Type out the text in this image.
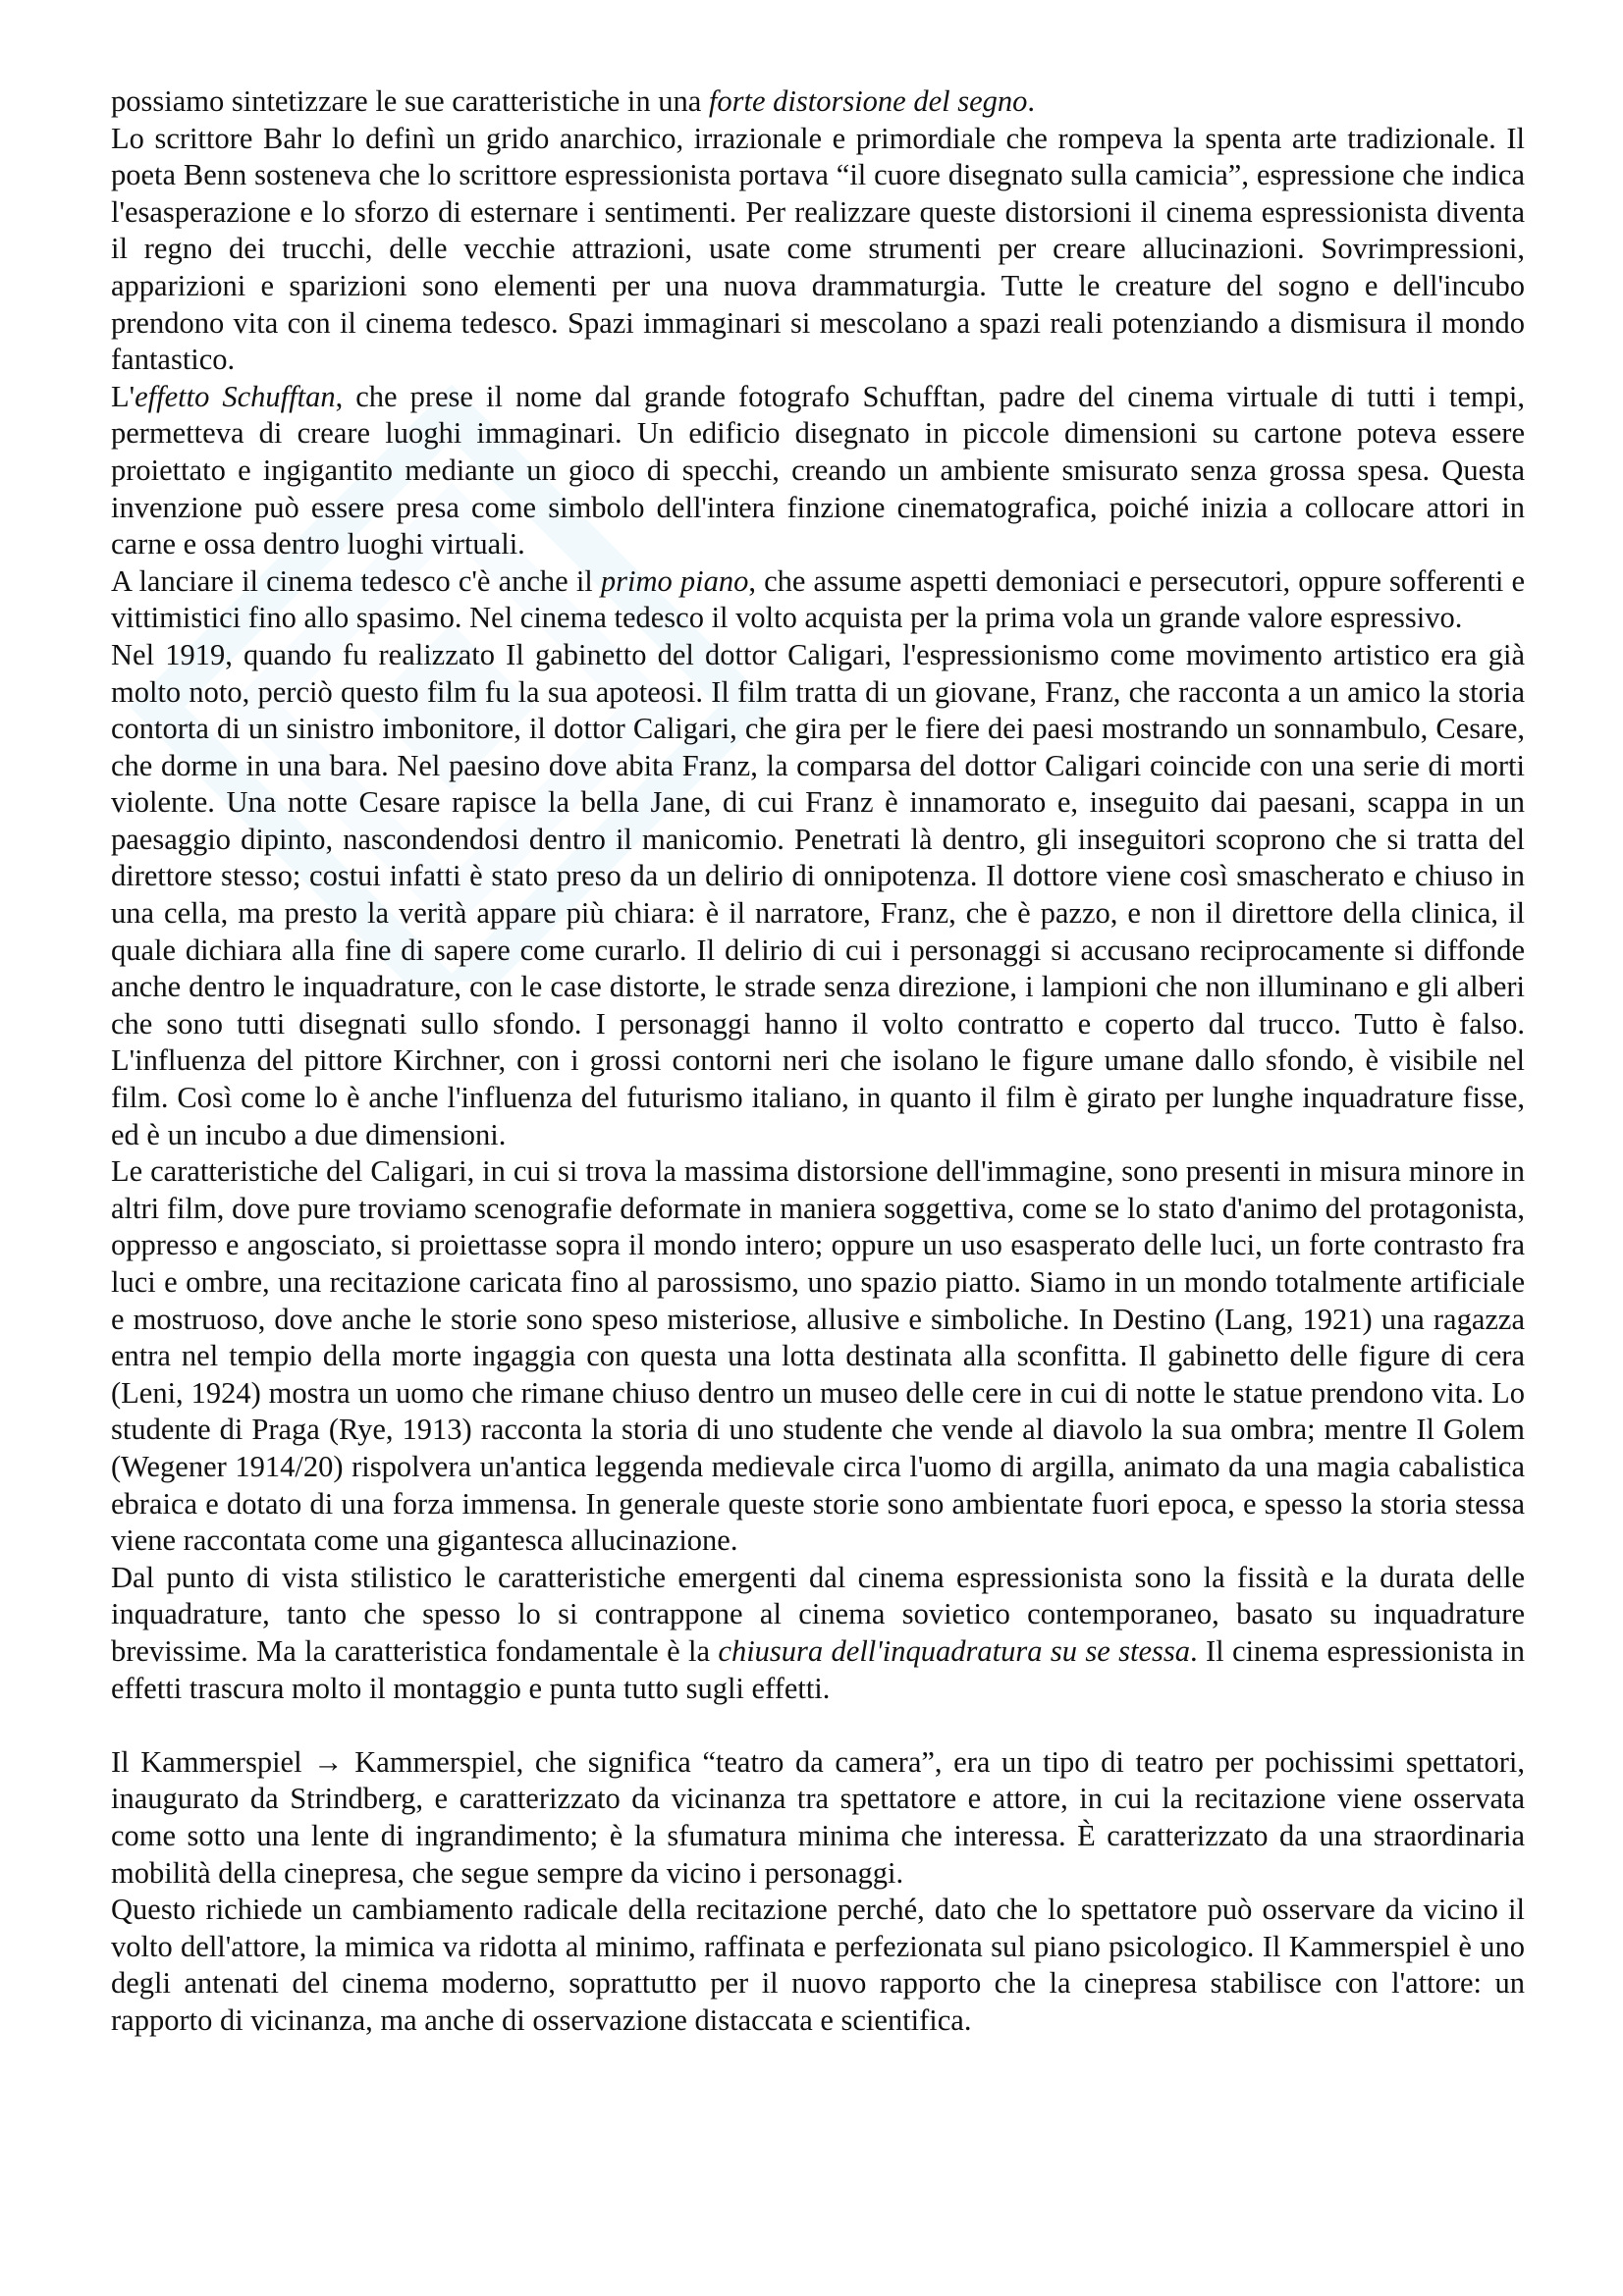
possiamo sintetizzare le sue caratteristiche in una forte distorsione del segno.

Lo scrittore Bahr lo definì un grido anarchico, irrazionale e primordiale che rompeva la spenta arte tradizionale. Il poeta Benn sosteneva che lo scrittore espressionista portava “il cuore disegnato sulla camicia”, espressione che indica l'esasperazione e lo sforzo di esternare i sentimenti. Per realizzare queste distorsioni il cinema espressionista diventa il regno dei trucchi, delle vecchie attrazioni, usate come strumenti per creare allucinazioni. Sovrimpressioni, apparizioni e sparizioni sono elementi per una nuova drammaturgia. Tutte le creature del sogno e dell'incubo prendono vita con il cinema tedesco. Spazi immaginari si mescolano a spazi reali potenziando a dismisura il mondo fantastico.

L'effetto Schufftan, che prese il nome dal grande fotografo Schufftan, padre del cinema virtuale di tutti i tempi, permetteva di creare luoghi immaginari. Un edificio disegnato in piccole dimensioni su cartone poteva essere proiettato e ingigantito mediante un gioco di specchi, creando un ambiente smisurato senza grossa spesa. Questa invenzione può essere presa come simbolo dell'intera finzione cinematografica, poiché inizia a collocare attori in carne e ossa dentro luoghi virtuali.

A lanciare il cinema tedesco c'è anche il primo piano, che assume aspetti demoniaci e persecutori, oppure sofferenti e vittimistici fino allo spasimo. Nel cinema tedesco il volto acquista per la prima vola un grande valore espressivo.

Nel 1919, quando fu realizzato Il gabinetto del dottor Caligari, l'espressionismo come movimento artistico era già molto noto, perciò questo film fu la sua apoteosi. Il film tratta di un giovane, Franz, che racconta a un amico la storia contorta di un sinistro imbonitore, il dottor Caligari, che gira per le fiere dei paesi mostrando un sonnambulo, Cesare, che dorme in una bara. Nel paesino dove abita Franz, la comparsa del dottor Caligari coincide con una serie di morti violente. Una notte Cesare rapisce la bella Jane, di cui Franz è innamorato e, inseguito dai paesani, scappa in un paesaggio dipinto, nascondendosi dentro il manicomio. Penetrati là dentro, gli inseguitori scoprono che si tratta del direttore stesso; costui infatti è stato preso da un delirio di onnipotenza. Il dottore viene così smascherato e chiuso in una cella, ma presto la verità appare più chiara: è il narratore, Franz, che è pazzo, e non il direttore della clinica, il quale dichiara alla fine di sapere come curarlo. Il delirio di cui i personaggi si accusano reciprocamente si diffonde anche dentro le inquadrature, con le case distorte, le strade senza direzione, i lampioni che non illuminano e gli alberi che sono tutti disegnati sullo sfondo. I personaggi hanno il volto contratto e coperto dal trucco. Tutto è falso. L'influenza del pittore Kirchner, con i grossi contorni neri che isolano le figure umane dallo sfondo, è visibile nel film. Così come lo è anche l'influenza del futurismo italiano, in quanto il film è girato per lunghe inquadrature fisse, ed è un incubo a due dimensioni.

Le caratteristiche del Caligari, in cui si trova la massima distorsione dell'immagine, sono presenti in misura minore in altri film, dove pure troviamo scenografie deformate in maniera soggettiva, come se lo stato d'animo del protagonista, oppresso e angosciato, si proiettasse sopra il mondo intero; oppure un uso esasperato delle luci, un forte contrasto fra luci e ombre, una recitazione caricata fino al parossismo, uno spazio piatto. Siamo in un mondo totalmente artificiale e mostruoso, dove anche le storie sono speso misteriose, allusive e simboliche. In Destino (Lang, 1921) una ragazza entra nel tempio della morte ingaggia con questa una lotta destinata alla sconfitta. Il gabinetto delle figure di cera (Leni, 1924) mostra un uomo che rimane chiuso dentro un museo delle cere in cui di notte le statue prendono vita. Lo studente di Praga (Rye, 1913) racconta la storia di uno studente che vende al diavolo la sua ombra; mentre Il Golem (Wegener 1914/20) rispolvera un'antica leggenda medievale circa l'uomo di argilla, animato da una magia cabalistica ebraica e dotato di una forza immensa. In generale queste storie sono ambientate fuori epoca, e spesso la storia stessa viene raccontata come una gigantesca allucinazione.

Dal punto di vista stilistico le caratteristiche emergenti dal cinema espressionista sono la fissità e la durata delle inquadrature, tanto che spesso lo si contrappone al cinema sovietico contemporaneo, basato su inquadrature brevissime. Ma la caratteristica fondamentale è la chiusura dell'inquadratura su se stessa. Il cinema espressionista in effetti trascura molto il montaggio e punta tutto sugli effetti.

Il Kammerspiel → Kammerspiel, che significa “teatro da camera”, era un tipo di teatro per pochissimi spettatori, inaugurato da Strindberg, e caratterizzato da vicinanza tra spettatore e attore, in cui la recitazione viene osservata come sotto una lente di ingrandimento; è la sfumatura minima che interessa. È caratterizzato da una straordinaria mobilità della cinepresa, che segue sempre da vicino i personaggi.

Questo richiede un cambiamento radicale della recitazione perché, dato che lo spettatore può osservare da vicino il volto dell'attore, la mimica va ridotta al minimo, raffinata e perfezionata sul piano psicologico. Il Kammerspiel è uno degli antenati del cinema moderno, soprattutto per il nuovo rapporto che la cinepresa stabilisce con l'attore: un rapporto di vicinanza, ma anche di osservazione distaccata e scientifica.
